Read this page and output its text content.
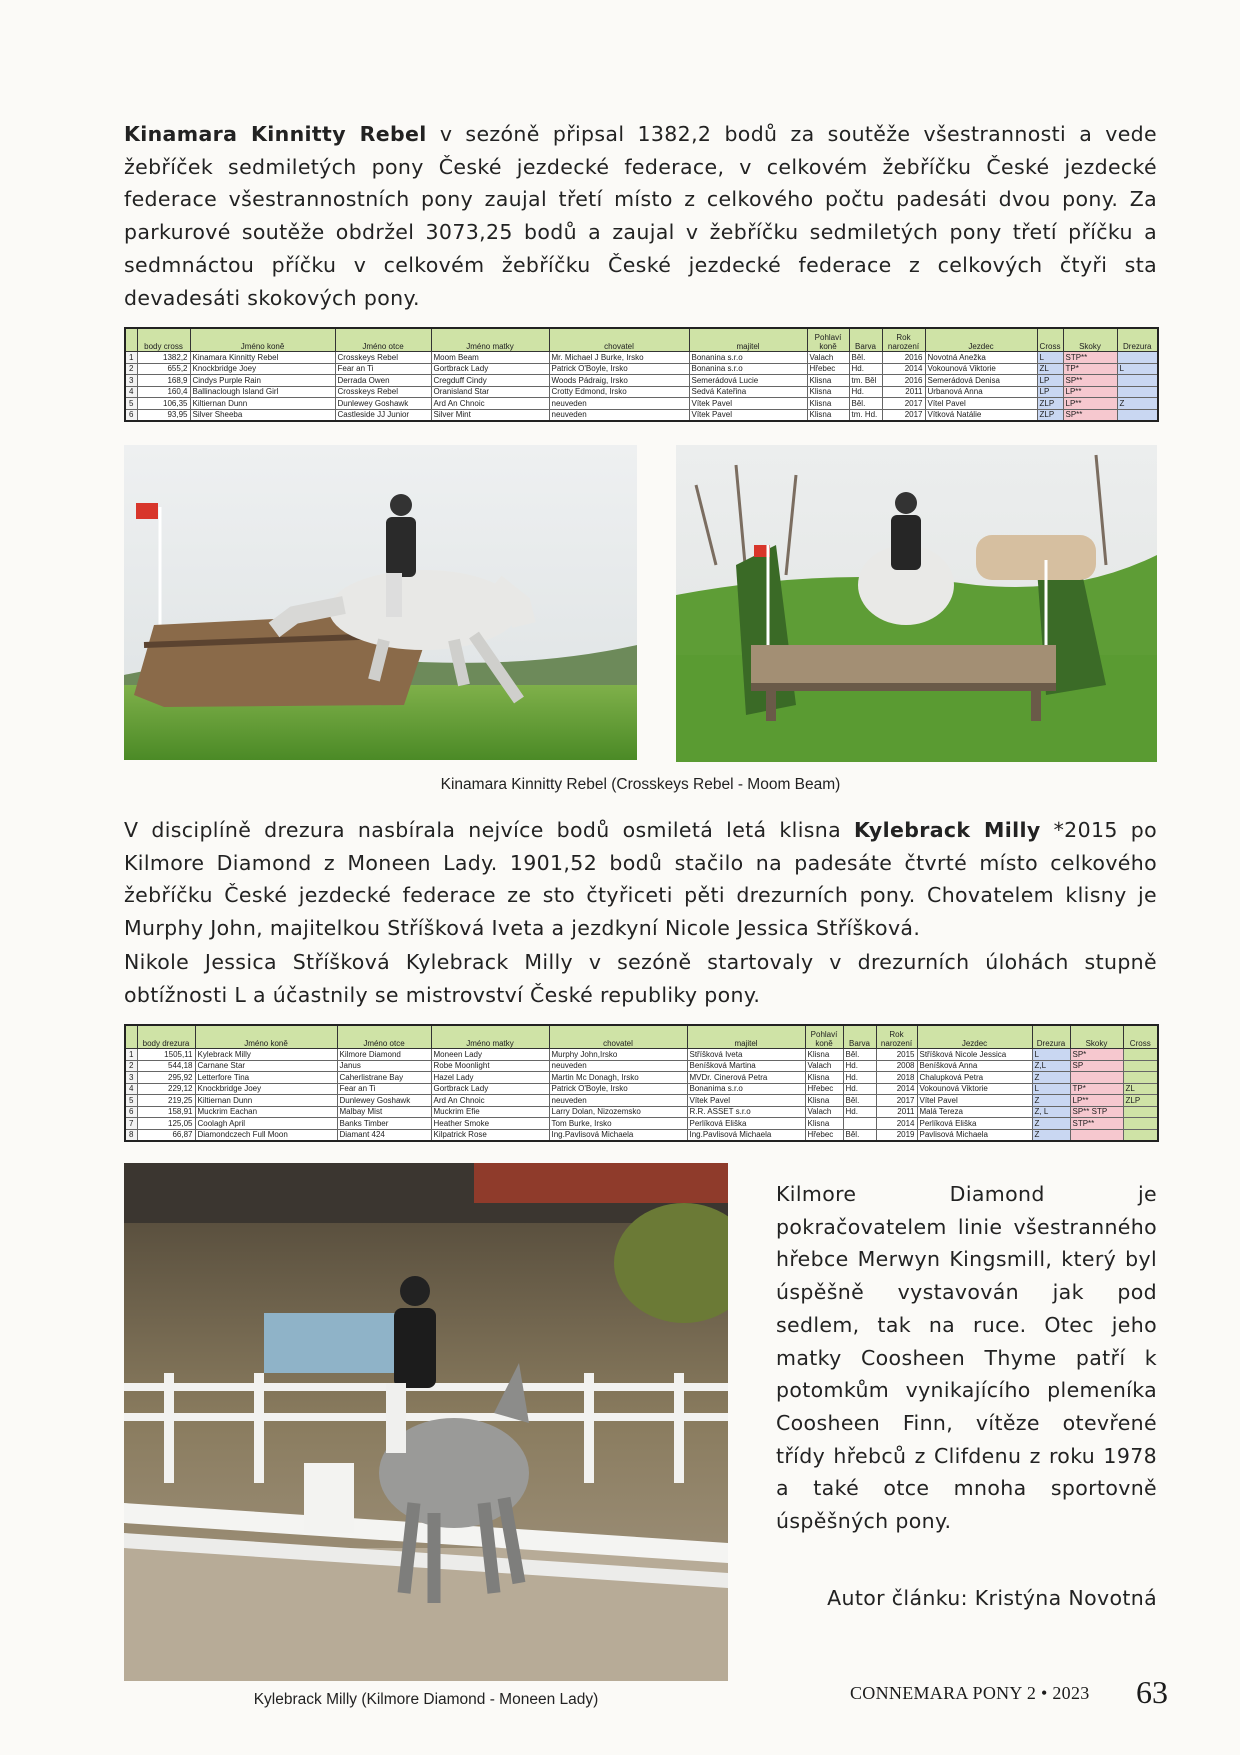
Kinamara Kinnitty Rebel v sezóně připsal 1382,2 bodů za soutěže všestrannosti a vede žebříček sedmiletých pony České jezdecké federace, v celkovém žebříčku České jezdecké federace všestrannostních pony zaujal třetí místo z celkového počtu padesáti dvou pony. Za parkurové soutěže obdržel 3073,25 bodů a zaujal v žebříčku sedmiletých pony třetí příčku a sedmnáctou příčku v celkovém žebříčku České jezdecké federace z celkových čtyři sta devadesáti skokových pony.

	body cross	Jméno koně	Jméno otce	Jméno matky	chovatel	majitel	Pohlaví koně	Barva	Rok narození	Jezdec	Cross	Skoky	Drezura
1	1382,2	Kinamara Kinnitty Rebel	Crosskeys Rebel	Moom Beam	Mr. Michael J Burke, Irsko	Bonanina s.r.o	Valach	Běl.	2016	Novotná Anežka	L	STP**	
2	655,2	Knockbridge Joey	Fear an Ti	Gortbrack Lady	Patrick O'Boyle, Irsko	Bonanina s.r.o	Hřebec	Hd.	2014	Vokounová Viktorie	ZL	TP*	L
3	168,9	Cindys Purple Rain	Derrada Owen	Cregduff Cindy	Woods Pádraig, Irsko	Semerádová Lucie	Klisna	tm. Běl	2016	Semerádová Denisa	LP	SP**	
4	160,4	Ballinaclough Island Girl	Crosskeys Rebel	Oranisland Star	Crotty Edmond, Irsko	Sedvá Kateřina	Klisna	Hd.	2011	Urbanová Anna	LP	LP**	
5	106,35	Kiltiernan Dunn	Dunlewey Goshawk	Ard An Chnoic	neuveden	Vítek Pavel	Klisna	Běl.	2017	Vítel Pavel	ZLP	LP**	Z
6	93,95	Silver Sheeba	Castleside JJ Junior	Silver Mint	neuveden	Vítek Pavel	Klisna	tm. Hd.	2017	Vítková Natálie	ZLP	SP**	
Kinamara Kinnitty Rebel (Crosskeys Rebel - Moom Beam)
V disciplíně drezura nasbírala nejvíce bodů osmiletá letá klisna Kylebrack Milly *2015 po Kilmore Diamond z Moneen Lady. 1901,52 bodů stačilo na padesáte čtvrté místo celkového žebříčku České jezdecké federace ze sto čtyřiceti pěti drezurních pony. Chovatelem klisny je Murphy John, majitelkou Stříšková Iveta a jezdkyní Nicole Jessica Stříšková.
Nikole Jessica Stříšková Kylebrack Milly v sezóně startovaly v drezurních úlohách stupně obtížnosti L a účastnily se mistrovství České republiky pony.
	body drezura	Jméno koně	Jméno otce	Jméno matky	chovatel	majitel	Pohlaví koně	Barva	Rok narození	Jezdec	Drezura	Skoky	Cross
1	1505,11	Kylebrack Milly	Kilmore Diamond	Moneen Lady	Murphy John,Irsko	Stříšková Iveta	Klisna	Běl.	2015	Stříšková Nicole Jessica	L	SP*	
2	544,18	Carnane Star	Janus	Robe Moonlight	neuveden	Beníšková Martina	Valach	Hd.	2008	Beníšková Anna	Z,L	SP	
3	295,92	Letterfore Tina	Caherlistrane Bay	Hazel Lady	Martin Mc Donagh, Irsko	MVDr. Cinerová Petra	Klisna	Hd.	2018	Chalupková Petra	Z		
4	229,12	Knockbridge Joey	Fear an Ti	Gortbrack Lady	Patrick O'Boyle, Irsko	Bonanima s.r.o	Hřebec	Hd.	2014	Vokounová Viktorie	L	TP*	ZL
5	219,25	Kiltiernan Dunn	Dunlewey Goshawk	Ard An Chnoic	neuveden	Vítek Pavel	Klisna	Běl.	2017	Vítel Pavel	Z	LP**	ZLP
6	158,91	Muckrim Eachan	Malbay Mist	Muckrim Efie	Larry Dolan, Nizozemsko	R.R. ASSET s.r.o	Valach	Hd.	2011	Malá Tereza	Z, L	SP** STP	
7	125,05	Coolagh April	Banks Timber	Heather Smoke	Tom Burke, Irsko	Perlíková Eliška	Klisna		2014	Perlíková Eliška	Z	STP**	
8	66,87	Diamondczech Full Moon	Diamant 424	Kilpatrick Rose	Ing.Pavlisová Michaela	Ing.Pavlisová Michaela	Hřebec	Běl.	2019	Pavlisová Michaela	Z		
Kilmore Diamond je pokračovatelem linie všestranného hřebce Merwyn Kingsmill, který byl úspěšně vystavován jak pod sedlem, tak na ruce. Otec jeho matky Coosheen Thyme patří k potomkům vynikajícího plemeníka Coosheen Finn, vítěze otevřené třídy hřebců z Clifdenu z roku 1978 a také otce mnoha sportovně úspěšných pony.
Autor článku: Kristýna Novotná
Kylebrack Milly (Kilmore Diamond - Moneen Lady)	CONNEMARA PONY 2 • 2023 63
